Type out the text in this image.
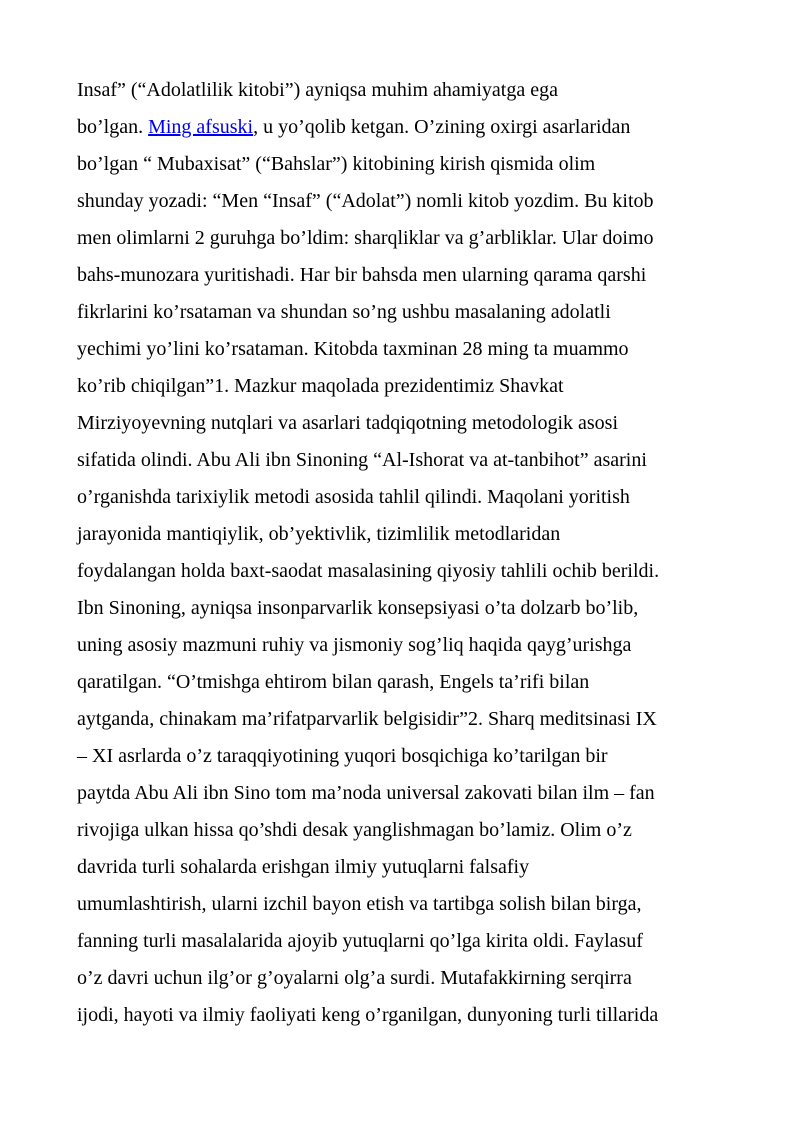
Insaf” (“Adolatlilik kitobi”) ayniqsa muhim ahamiyatga ega

bo’lgan. Ming afsuski, u yo’qolib ketgan. O’zining oxirgi asarlaridan

bo’lgan “ Mubaxisat” (“Bahslar”) kitobining kirish qismida olim

shunday yozadi: “Men “Insaf” (“Adolat”) nomli kitob yozdim. Bu kitob

men olimlarni 2 guruhga bo’ldim: sharqliklar va g’arbliklar. Ular doimo

bahs-munozara yuritishadi. Har bir bahsda men ularning qarama qarshi

fikrlarini ko’rsataman va shundan so’ng ushbu masalaning adolatli

yechimi yo’lini ko’rsataman. Kitobda taxminan 28 ming ta muammo

ko’rib chiqilgan”1. Mazkur maqolada prezidentimiz Shavkat

Mirziyoyevning nutqlari va asarlari tadqiqotning metodologik asosi

sifatida olindi. Abu Ali ibn Sinoning “Al-Ishorat va at-tanbihot” asarini

o’rganishda tarixiylik metodi asosida tahlil qilindi. Maqolani yoritish

jarayonida mantiqiylik, ob’yektivlik, tizimlilik metodlaridan

foydalangan holda baxt-saodat masalasining qiyosiy tahlili ochib berildi.

Ibn Sinoning, ayniqsa insonparvarlik konsepsiyasi o’ta dolzarb bo’lib,

uning asosiy mazmuni ruhiy va jismoniy sog’liq haqida qayg’urishga

qaratilgan. “O’tmishga ehtirom bilan qarash, Engels ta’rifi bilan

aytganda, chinakam ma’rifatparvarlik belgisidir”2. Sharq meditsinasi IX

– XI asrlarda o’z taraqqiyotining yuqori bosqichiga ko’tarilgan bir

paytda Abu Ali ibn Sino tom ma’noda universal zakovati bilan ilm – fan

rivojiga ulkan hissa qo’shdi desak yanglishmagan bo’lamiz. Olim o’z

davrida turli sohalarda erishgan ilmiy yutuqlarni falsafiy

umumlashtirish, ularni izchil bayon etish va tartibga solish bilan birga,

fanning turli masalalarida ajoyib yutuqlarni qo’lga kirita oldi. Faylasuf

o’z davri uchun ilg’or g’oyalarni olg’a surdi. Mutafakkirning serqirra

ijodi, hayoti va ilmiy faoliyati keng o’rganilgan, dunyoning turli tillarida
